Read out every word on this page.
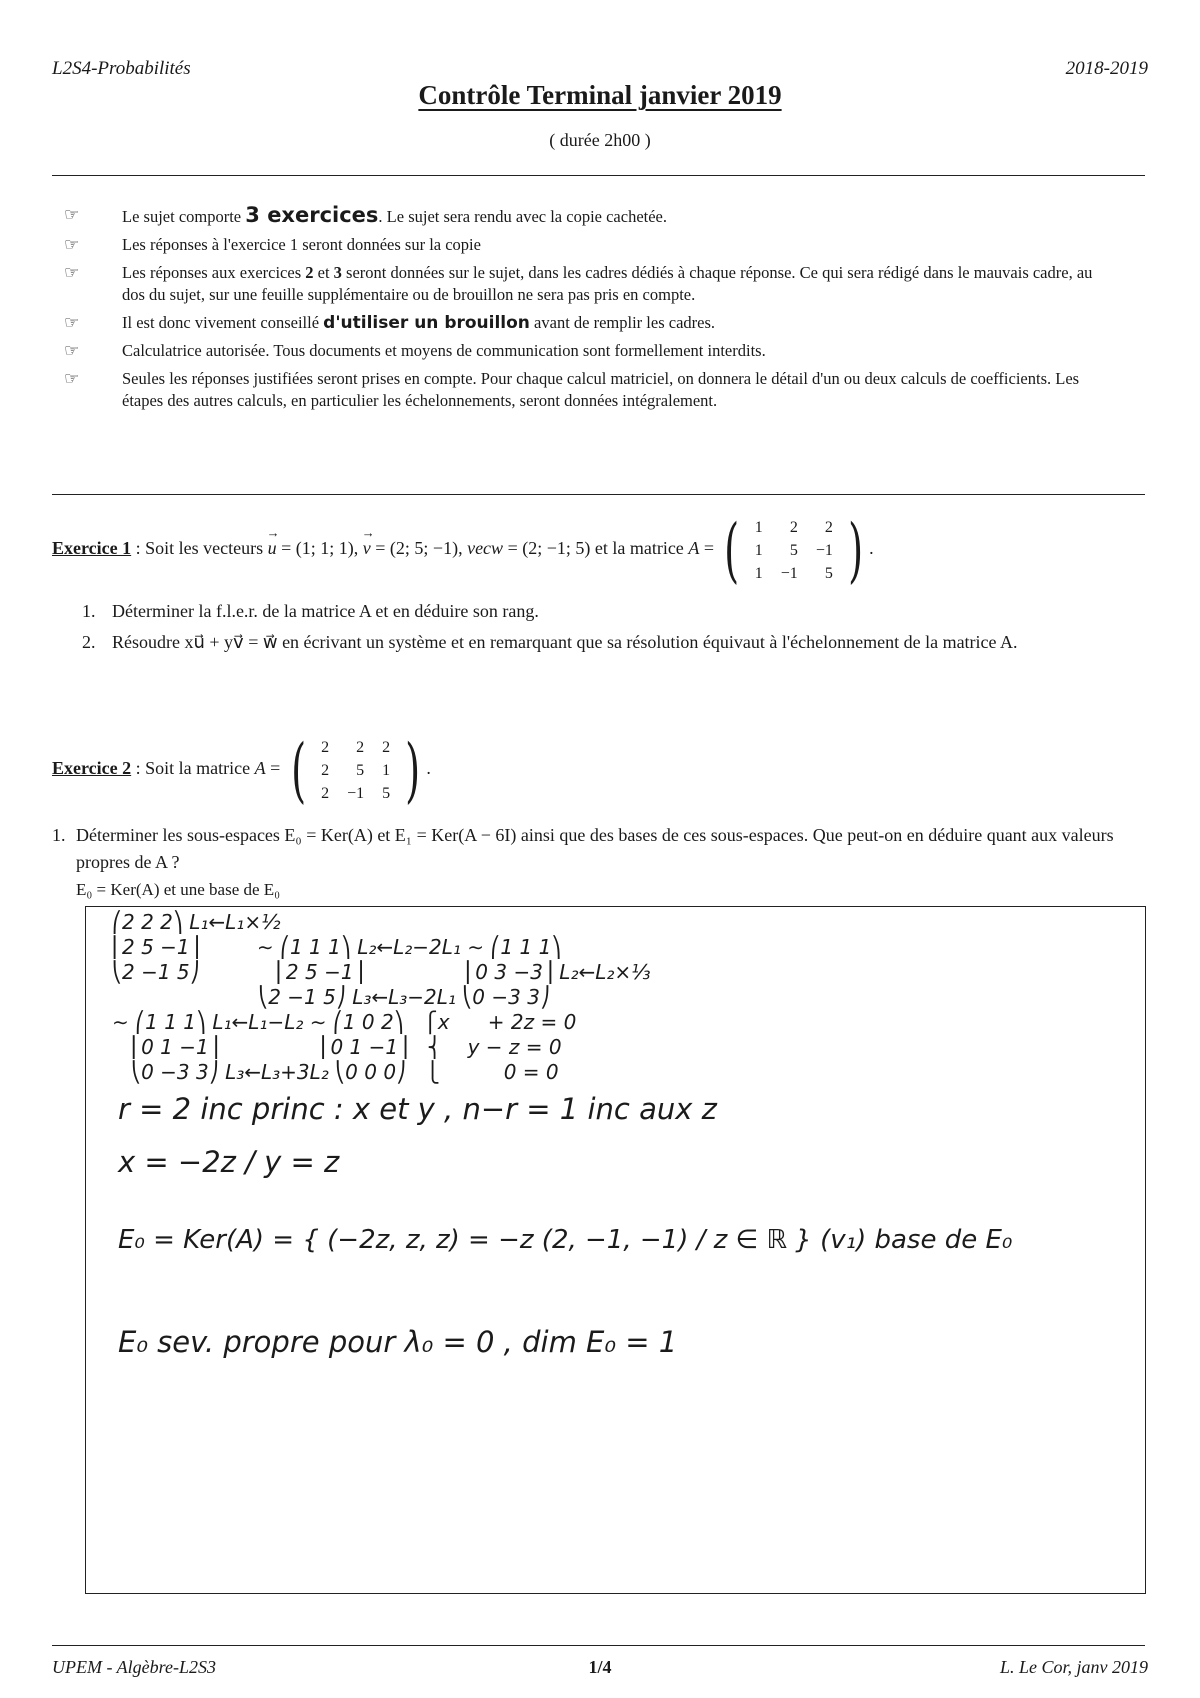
L2S4-Probabilités	2018-2019
Contrôle Terminal janvier 2019
( durée 2h00 )
☞	Le sujet comporte 3 exercices. Le sujet sera rendu avec la copie cachetée.
☞	Les réponses à l'exercice 1 seront données sur la copie
☞	Les réponses aux exercices 2 et 3 seront données sur le sujet, dans les cadres dédiés à chaque réponse. Ce qui sera rédigé dans le mauvais cadre, au dos du sujet, sur une feuille supplémentaire ou de brouillon ne sera pas pris en compte.
☞	Il est donc vivement conseillé d'utiliser un brouillon avant de remplir les cadres.
☞	Calculatrice autorisée. Tous documents et moyens de communication sont formellement interdits.
☞	Seules les réponses justifiées seront prises en compte. Pour chaque calcul matriciel, on donnera le détail d'un ou deux calculs de coefficients. Les étapes des autres calculs, en particulier les échelonnements, seront données intégralement.
Exercice 1 : Soit les vecteurs u
→
= (1; 1; 1), v
→
= (2; 5; −1), vecw = (2; −1; 5) et la matrice A = ( 1	2	2
1	5	−1
1	−1	5 ) .
1. Déterminer la f.l.e.r. de la matrice A et en déduire son rang.
2. Résoudre xu⃗ + yv⃗ = w⃗ en écrivant un système et en remarquant que sa résolution équivaut à l'échelonnement de la matrice A.
Exercice 2 : Soit la matrice A = ( 2	2	2
2	5	1
2	−1	5 ) .
1. Déterminer les sous-espaces E₀ = Ker(A) et E₁ = Ker(A − 6I) ainsi que des bases de ces sous-espaces. Que peut-on en déduire quant aux valeurs propres de A ?
E₀ = Ker(A) et une base de E₀
⎛2 2 2⎞ L₁←L₁×½
⎜2 5 −1⎟         ∼ ⎛1 1 1⎞ L₂←L₂−2L₁ ∼ ⎛1 1 1⎞
⎝2 −1 5⎠            ⎜2 5 −1⎟                ⎜0 3 −3⎟ L₂←L₂×⅓
⎝2 −1 5⎠ L₃←L₃−2L₁ ⎝0 −3 3⎠
∼ ⎛1 1 1⎞ L₁←L₁−L₂ ∼ ⎛1 0 2⎞   ⎧x      + 2z = 0
⎜0 1 −1⎟                ⎜0 1 −1⎟   ⎨    y − z = 0
⎝0 −3 3⎠ L₃←L₃+3L₂ ⎝0 0 0⎠   ⎩          0 = 0
r = 2 inc princ : x et y , n−r = 1 inc aux z
x = −2z / y = z
E₀ = Ker(A) = { (−2z, z, z) = −z (2, −1, −1) / z ∈ ℝ } (v₁) base de E₀
E₀ sev. propre pour λ₀ = 0 , dim E₀ = 1
UPEM - Algèbre-L2S3	1/4	L. Le Cor, janv 2019
